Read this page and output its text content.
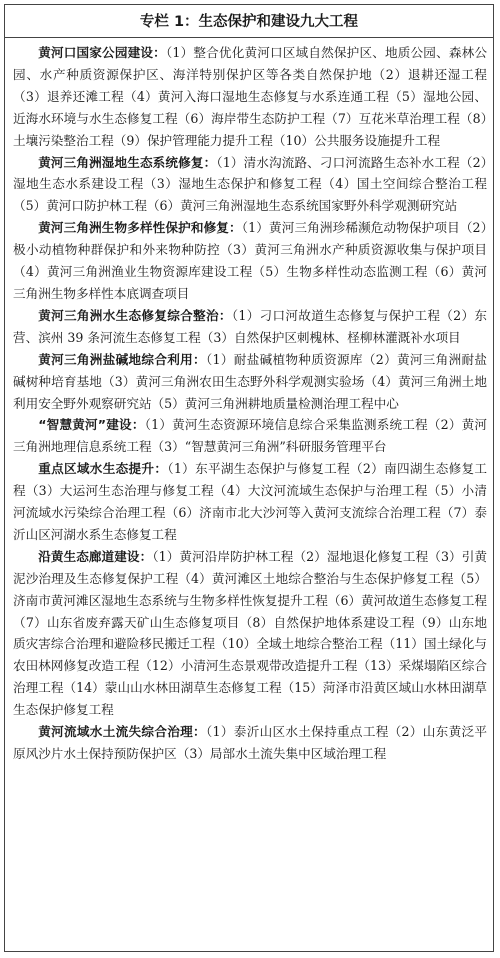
专栏 1：生态保护和建设九大工程

黄河口国家公园建设：（1）整合优化黄河口区域自然保护区、地质公园、森林公园、水产种质资源保护区、海洋特别保护区等各类自然保护地（2）退耕还湿工程（3）退养还滩工程（4）黄河入海口湿地生态修复与水系连通工程（5）湿地公园、近海水环境与水生态修复工程（6）海岸带生态防护工程（7）互花米草治理工程（8）土壤污染整治工程（9）保护管理能力提升工程（10）公共服务设施提升工程

黄河三角洲湿地生态系统修复：（1）清水沟流路、刁口河流路生态补水工程（2）湿地生态水系建设工程（3）湿地生态保护和修复工程（4）国土空间综合整治工程（5）黄河口防护林工程（6）黄河三角洲湿地生态系统国家野外科学观测研究站

黄河三角洲生物多样性保护和修复：（1）黄河三角洲珍稀濒危动物保护项目（2）极小动植物种群保护和外来物种防控（3）黄河三角洲水产种质资源收集与保护项目（4）黄河三角洲渔业生物资源库建设工程（5）生物多样性动态监测工程（6）黄河三角洲生物多样性本底调查项目

黄河三角洲水生态修复综合整治：（1）刁口河故道生态修复与保护工程（2）东营、滨州 39 条河流生态修复工程（3）自然保护区刺槐林、柽柳林灌溉补水项目

黄河三角洲盐碱地综合利用：（1）耐盐碱植物种质资源库（2）黄河三角洲耐盐碱树种培育基地（3）黄河三角洲农田生态野外科学观测实验场（4）黄河三角洲土地利用安全野外观察研究站（5）黄河三角洲耕地质量检测治理工程中心

“智慧黄河”建设：（1）黄河生态资源环境信息综合采集监测系统工程（2）黄河三角洲地理信息系统工程（3）“智慧黄河三角洲”科研服务管理平台

重点区域水生态提升：（1）东平湖生态保护与修复工程（2）南四湖生态修复工程（3）大运河生态治理与修复工程（4）大汶河流域生态保护与治理工程（5）小清河流域水污染综合治理工程（6）济南市北大沙河等入黄河支流综合治理工程（7）泰沂山区河湖水系生态修复工程

沿黄生态廊道建设：（1）黄河沿岸防护林工程（2）湿地退化修复工程（3）引黄泥沙治理及生态修复保护工程（4）黄河滩区土地综合整治与生态保护修复工程（5）济南市黄河滩区湿地生态系统与生物多样性恢复提升工程（6）黄河故道生态修复工程（7）山东省废弃露天矿山生态修复项目（8）自然保护地体系建设工程（9）山东地质灾害综合治理和避险移民搬迁工程（10）全域土地综合整治工程（11）国土绿化与农田林网修复改造工程（12）小清河生态景观带改造提升工程（13）采煤塌陷区综合治理工程（14）蒙山山水林田湖草生态修复工程（15）菏泽市沿黄区域山水林田湖草生态保护修复工程

黄河流域水土流失综合治理：（1）泰沂山区水土保持重点工程（2）山东黄泛平原风沙片水土保持预防保护区（3）局部水土流失集中区域治理工程
